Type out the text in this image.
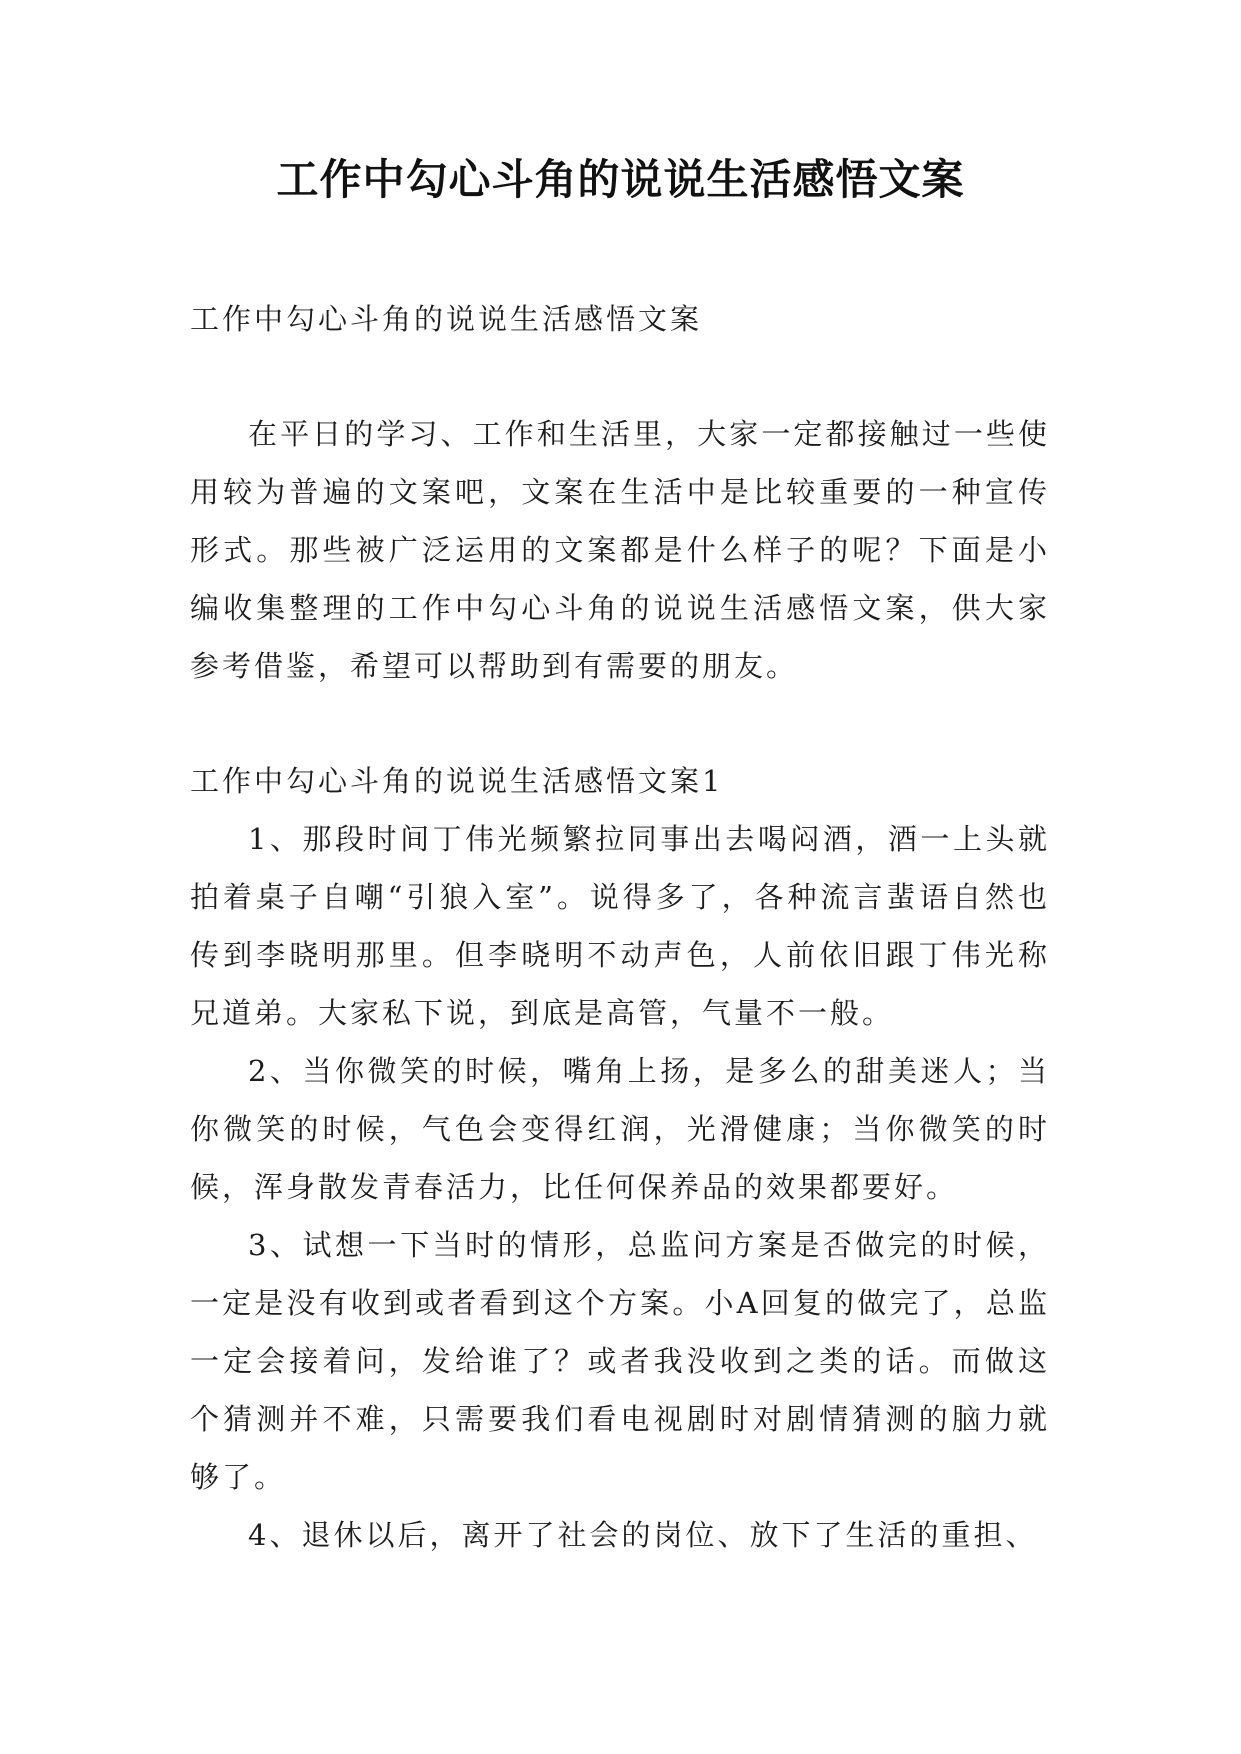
工作中勾心斗角的说说生活感悟文案

工作中勾心斗角的说说生活感悟文案

在平日的学习、工作和生活里，大家一定都接触过一些使用较为普遍的文案吧，文案在生活中是比较重要的一种宣传形式。那些被广泛运用的文案都是什么样子的呢？下面是小编收集整理的工作中勾心斗角的说说生活感悟文案，供大家参考借鉴，希望可以帮助到有需要的朋友。

工作中勾心斗角的说说生活感悟文案1

1、那段时间丁伟光频繁拉同事出去喝闷酒，酒一上头就拍着桌子自嘲“引狼入室”。说得多了，各种流言蜚语自然也传到李晓明那里。但李晓明不动声色，人前依旧跟丁伟光称兄道弟。大家私下说，到底是高管，气量不一般。

2、当你微笑的时候，嘴角上扬，是多么的甜美迷人；当你微笑的时候，气色会变得红润，光滑健康；当你微笑的时候，浑身散发青春活力，比任何保养品的效果都要好。

3、试想一下当时的情形，总监问方案是否做完的时候，一定是没有收到或者看到这个方案。小A回复的做完了，总监一定会接着问，发给谁了？或者我没收到之类的话。而做这个猜测并不难，只需要我们看电视剧时对剧情猜测的脑力就够了。

4、退休以后，离开了社会的岗位、放下了生活的重担、
